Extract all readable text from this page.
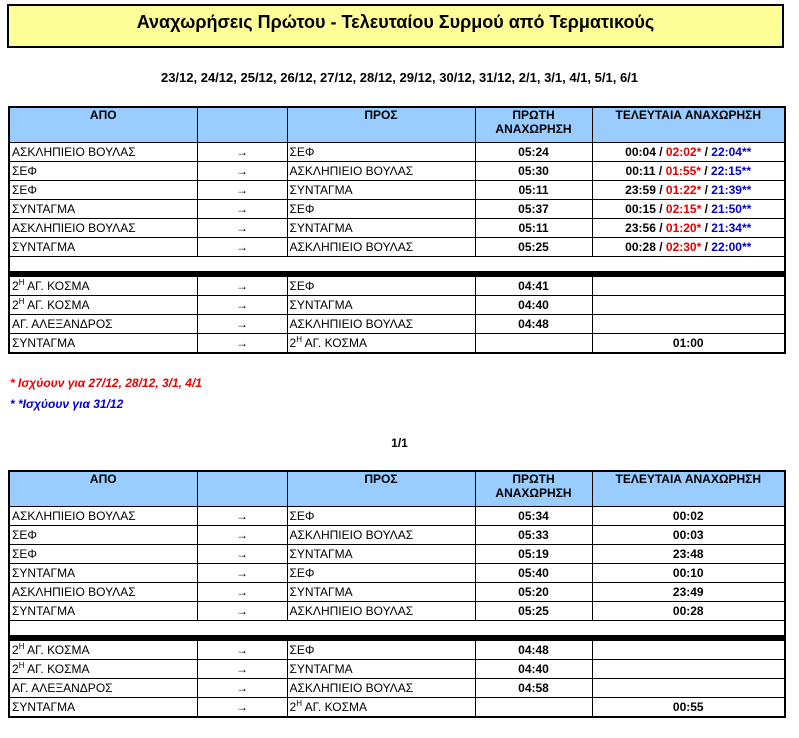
Αναχωρήσεις Πρώτου - Τελευταίου Συρμού από Τερματικούς
23/12, 24/12, 25/12, 26/12, 27/12, 28/12, 29/12, 30/12, 31/12, 2/1, 3/1, 4/1, 5/1, 6/1
ΑΠΟ		ΠΡΟΣ	ΠΡΩΤΗ
ΑΝΑΧΩΡΗΣΗ	ΤΕΛΕΥΤΑΙΑ ΑΝΑΧΩΡΗΣΗ
ΑΣΚΛΗΠΙΕΙΟ ΒΟΥΛΑΣ	→	ΣΕΦ	05:24	00:04 / 02:02* / 22:04**
ΣΕΦ	→	ΑΣΚΛΗΠΙΕΙΟ ΒΟΥΛΑΣ	05:30	00:11 / 01:55* / 22:15**
ΣΕΦ	→	ΣΥΝΤΑΓΜΑ	05:11	23:59 / 01:22* / 21:39**
ΣΥΝΤΑΓΜΑ	→	ΣΕΦ	05:37	00:15 / 02:15* / 21:50**
ΑΣΚΛΗΠΙΕΙΟ ΒΟΥΛΑΣ	→	ΣΥΝΤΑΓΜΑ	05:11	23:56 / 01:20* / 21:34**
ΣΥΝΤΑΓΜΑ	→	ΑΣΚΛΗΠΙΕΙΟ ΒΟΥΛΑΣ	05:25	00:28 / 02:30* / 22:00**

$2^H$ ΑΓ. ΚΟΣΜΑ	→	ΣΕΦ	04:41	
$2^H$ ΑΓ. ΚΟΣΜΑ	→	ΣΥΝΤΑΓΜΑ	04:40	
ΑΓ. ΑΛΕΞΑΝΔΡΟΣ	→	ΑΣΚΛΗΠΙΕΙΟ ΒΟΥΛΑΣ	04:48	
ΣΥΝΤΑΓΜΑ	→	$2^H$ ΑΓ. ΚΟΣΜΑ		01:00
* Ισχύουν για 27/12, 28/12, 3/1, 4/1
* *Ισχύουν για 31/12
1/1
ΑΠΟ		ΠΡΟΣ	ΠΡΩΤΗ
ΑΝΑΧΩΡΗΣΗ	ΤΕΛΕΥΤΑΙΑ ΑΝΑΧΩΡΗΣΗ
ΑΣΚΛΗΠΙΕΙΟ ΒΟΥΛΑΣ	→	ΣΕΦ	05:34	00:02
ΣΕΦ	→	ΑΣΚΛΗΠΙΕΙΟ ΒΟΥΛΑΣ	05:33	00:03
ΣΕΦ	→	ΣΥΝΤΑΓΜΑ	05:19	23:48
ΣΥΝΤΑΓΜΑ	→	ΣΕΦ	05:40	00:10
ΑΣΚΛΗΠΙΕΙΟ ΒΟΥΛΑΣ	→	ΣΥΝΤΑΓΜΑ	05:20	23:49
ΣΥΝΤΑΓΜΑ	→	ΑΣΚΛΗΠΙΕΙΟ ΒΟΥΛΑΣ	05:25	00:28

$2^H$ ΑΓ. ΚΟΣΜΑ	→	ΣΕΦ	04:48	
$2^H$ ΑΓ. ΚΟΣΜΑ	→	ΣΥΝΤΑΓΜΑ	04:40	
ΑΓ. ΑΛΕΞΑΝΔΡΟΣ	→	ΑΣΚΛΗΠΙΕΙΟ ΒΟΥΛΑΣ	04:58	
ΣΥΝΤΑΓΜΑ	→	$2^H$ ΑΓ. ΚΟΣΜΑ		00:55
